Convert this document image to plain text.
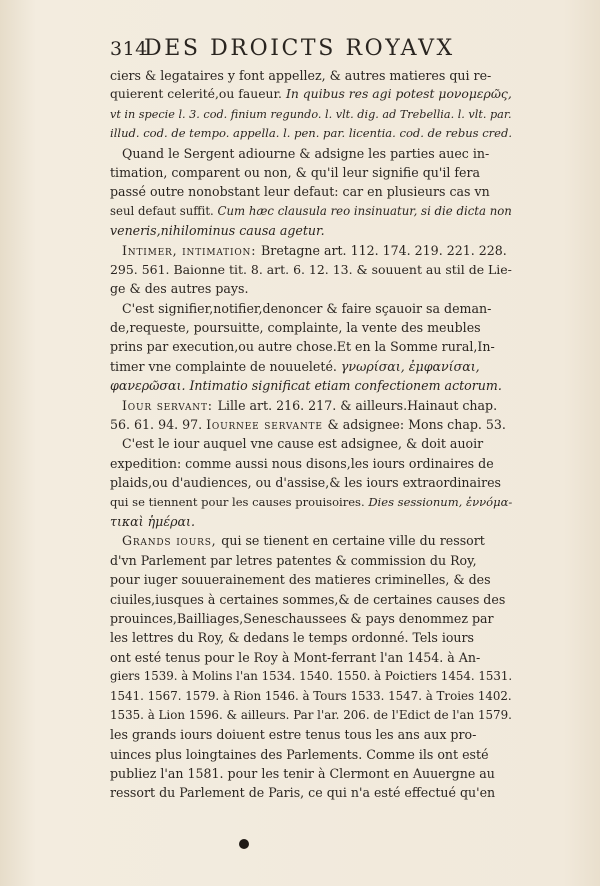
314
DES DROICTS ROYAVX
ciers & legataires y font appellez, & autres matieres qui re-
quierent celerité,ou faueur. In quibus res agi potest μονομερῶς,
vt in specie l. 3. cod. finium regundo. l. vlt. dig. ad Trebellia. l. vlt. par.
illud. cod. de tempo. appella. l. pen. par. licentia. cod. de rebus cred.
Quand le Sergent adiourne & adsigne les parties auec in-
timation, comparent ou non, & qu'il leur signifie qu'il fera
passé outre nonobstant leur defaut: car en plusieurs cas vn
seul defaut suffit. Cum hæc clausula reo insinuatur, si die dicta non
veneris,nihilominus causa agetur.
Intimer, intimation: Bretagne art. 112. 174. 219. 221. 228.
295. 561. Baionne tit. 8. art. 6. 12. 13. & souuent au stil de Lie-
ge & des autres pays.
C'est signifier,notifier,denoncer & faire sçauoir sa deman-
de,requeste, poursuitte, complainte, la vente des meubles
prins par execution,ou autre chose.Et en la Somme rural,In-
timer vne complainte de nouueleté. γνωρίσαι, ἐμφανίσαι,
φανερῶσαι. Intimatio significat etiam confectionem actorum.
Iour servant: Lille art. 216. 217. & ailleurs.Hainaut chap.
56. 61. 94. 97. Iournee servante & adsignee: Mons chap. 53.
C'est le iour auquel vne cause est adsignee, & doit auoir
expedition: comme aussi nous disons,les iours ordinaires de
plaids,ou d'audiences, ou d'assise,& les iours extraordinaires
qui se tiennent pour les causes prouisoires. Dies sessionum, ἐννόμα-
τικαὶ ἡμέραι.
Grands iours, qui se tienent en certaine ville du ressort
d'vn Parlement par letres patentes & commission du Roy,
pour iuger souuerainement des matieres criminelles, & des
ciuiles,iusques à certaines sommes,& de certaines causes des
prouinces,Bailliages,Seneschaussees & pays denommez par
les lettres du Roy, & dedans le temps ordonné. Tels iours
ont esté tenus pour le Roy à Mont-ferrant l'an 1454. à An-
giers 1539. à Molins l'an 1534. 1540. 1550. à Poictiers 1454. 1531.
1541. 1567. 1579. à Rion 1546. à Tours 1533. 1547. à Troies 1402.
1535. à Lion 1596. & ailleurs. Par l'ar. 206. de l'Edict de l'an 1579.
les grands iours doiuent estre tenus tous les ans aux pro-
uinces plus loingtaines des Parlements. Comme ils ont esté
publiez l'an 1581. pour les tenir à Clermont en Auuergne au
ressort du Parlement de Paris, ce qui n'a esté effectué qu'en
